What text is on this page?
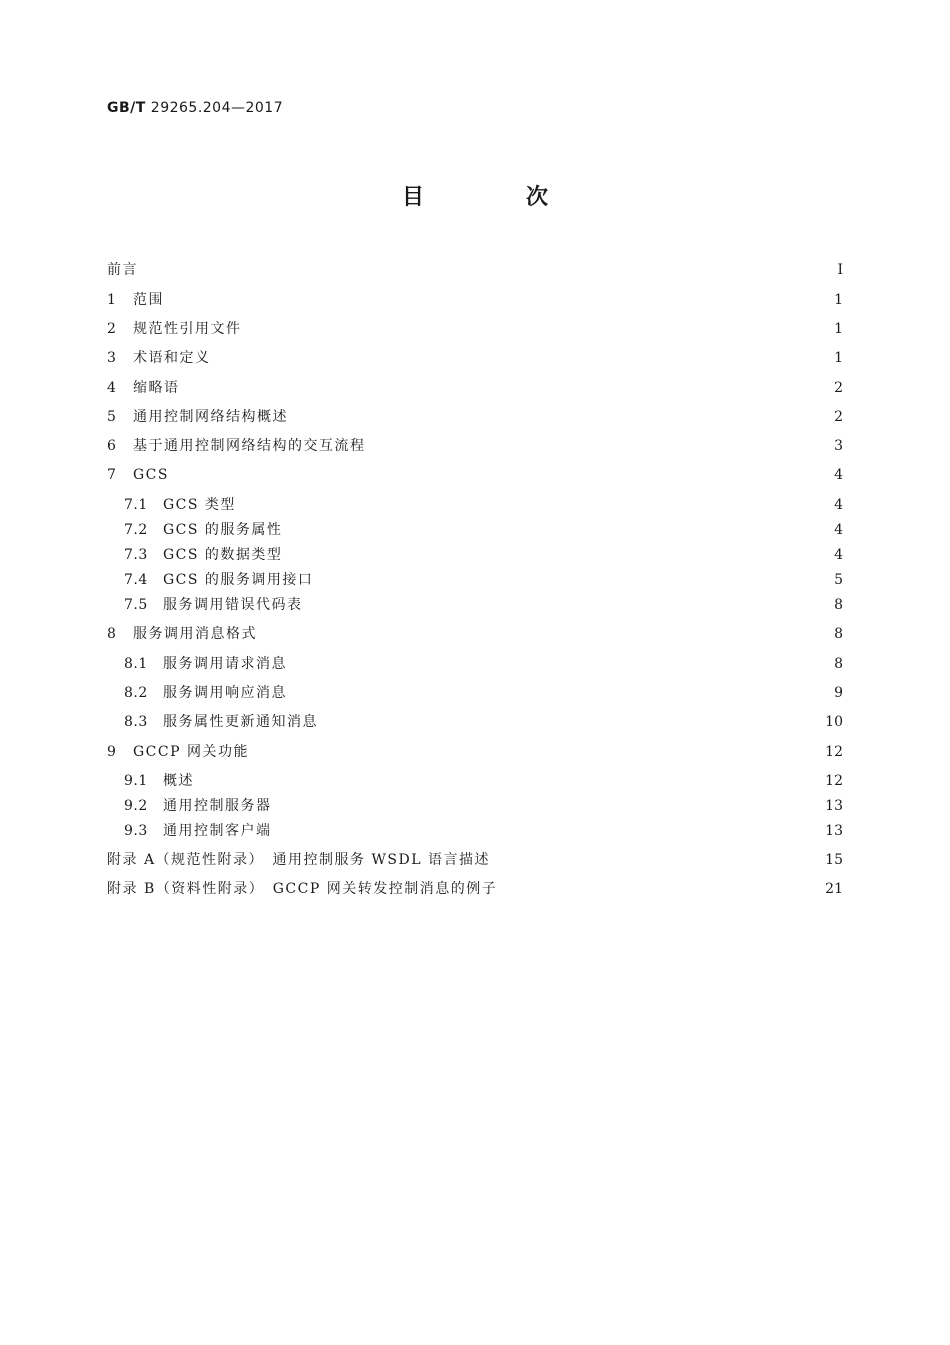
GB/T 29265.204—2017
目　次
前言	Ⅰ
1	范围	1
2	规范性引用文件	1
3	术语和定义	1
4	缩略语	2
5	通用控制网络结构概述	2
6	基于通用控制网络结构的交互流程	3
7	GCS	4
7.1	GCS 类型	4
7.2	GCS 的服务属性	4
7.3	GCS 的数据类型	4
7.4	GCS 的服务调用接口	5
7.5	服务调用错误代码表	8
8	服务调用消息格式	8
8.1	服务调用请求消息	8
8.2	服务调用响应消息	9
8.3	服务属性更新通知消息	10
9	GCCP 网关功能	12
9.1	概述	12
9.2	通用控制服务器	13
9.3	通用控制客户端	13
附录 A（规范性附录）　通用控制服务 WSDL 语言描述	15
附录 B（资料性附录）　GCCP 网关转发控制消息的例子	21
